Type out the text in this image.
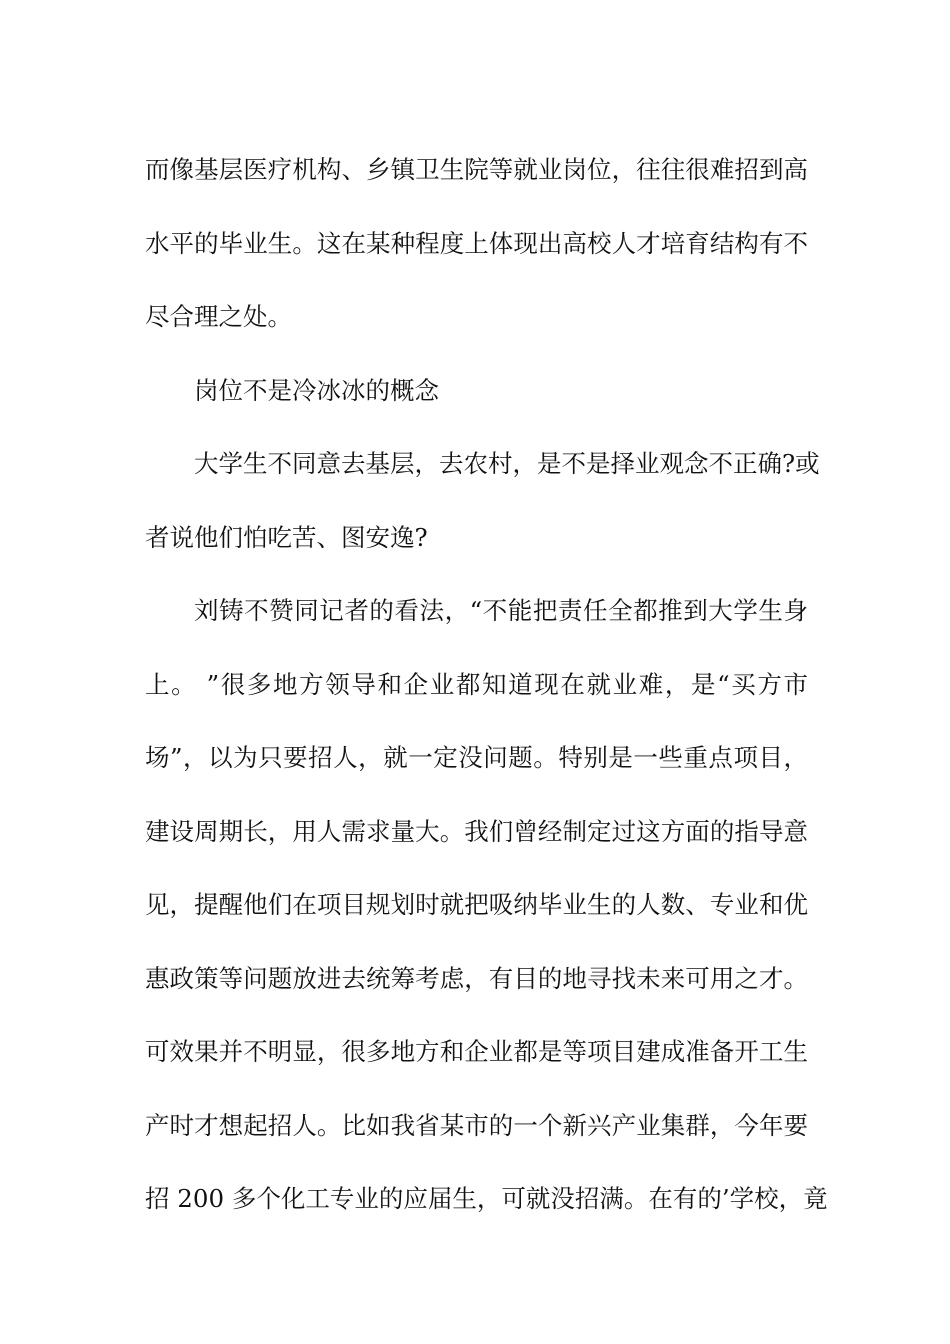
而像基层医疗机构、乡镇卫生院等就业岗位，往往很难招到高
水平的毕业生。这在某种程度上体现出高校人才培育结构有不
尽合理之处。
岗位不是冷冰冰的概念
大学生不同意去基层，去农村，是不是择业观念不正确?或
者说他们怕吃苦、图安逸?
刘铸不赞同记者的看法，“不能把责任全都推到大学生身
上。 ”很多地方领导和企业都知道现在就业难，是“买方市
场”，以为只要招人，就一定没问题。特别是一些重点项目，
建设周期长，用人需求量大。我们曾经制定过这方面的指导意
见，提醒他们在项目规划时就把吸纳毕业生的人数、专业和优
惠政策等问题放进去统筹考虑，有目的地寻找未来可用之才。
可效果并不明显，很多地方和企业都是等项目建成准备开工生
产时才想起招人。比如我省某市的一个新兴产业集群，今年要
招 200 多个化工专业的应届生，可就没招满。在有的’学校，竟
